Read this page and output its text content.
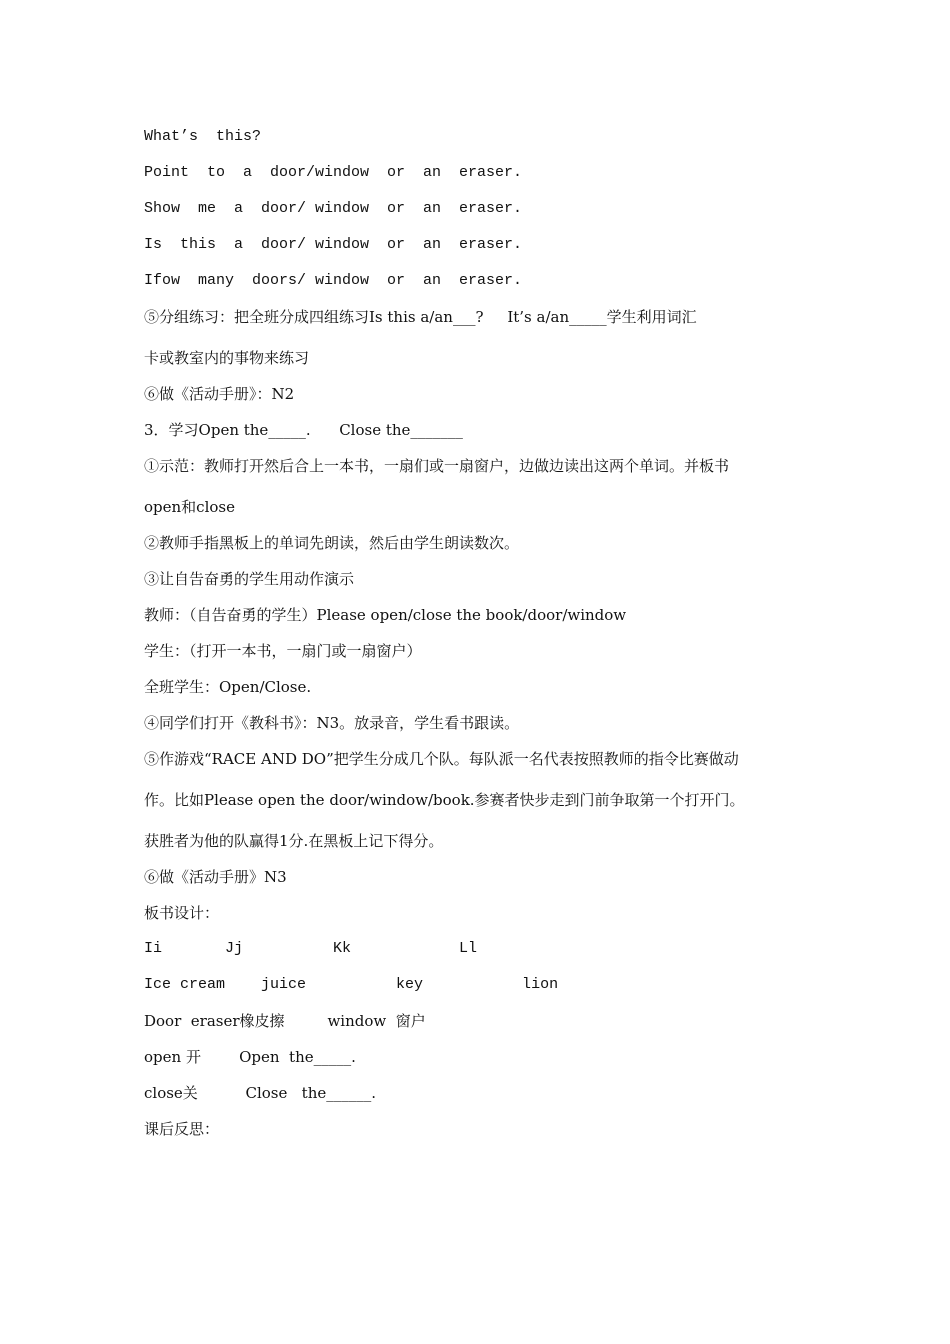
What’s  this?
Point  to  a  door/window  or  an  eraser.
Show  me  a  door/ window  or  an  eraser.
Is  this  a  door/ window  or  an  eraser.
Ifow  many  doors/ window  or  an  eraser.
⑤分组练习：把全班分成四组练习Is this a/an___?     It’s a/an_____学生利用词汇
卡或教室内的事物来练习
⑥做《活动手册》：N2
3．学习Open the_____.      Close the_______
①示范：教师打开然后合上一本书，一扇们或一扇窗户，边做边读出这两个单词。并板书
open和close
②教师手指黑板上的单词先朗读，然后由学生朗读数次。
③让自告奋勇的学生用动作演示
教师：（自告奋勇的学生）Please open/close the book/door/window
学生：（打开一本书，一扇门或一扇窗户）
全班学生：Open/Close.
④同学们打开《教科书》：N3。放录音，学生看书跟读。
⑤作游戏“RACE AND DO”把学生分成几个队。每队派一名代表按照教师的指令比赛做动
作。比如Please open the door/window/book.参赛者快步走到门前争取第一个打开门。
获胜者为他的队赢得1分.在黑板上记下得分。
⑥做《活动手册》N3
板书设计：
Ii       Jj          Kk            Ll
Ice cream    juice          key           lion
Door  eraser橡皮擦         window  窗户
open 开        Open  the_____.
close关          Close   the______.
课后反思：
